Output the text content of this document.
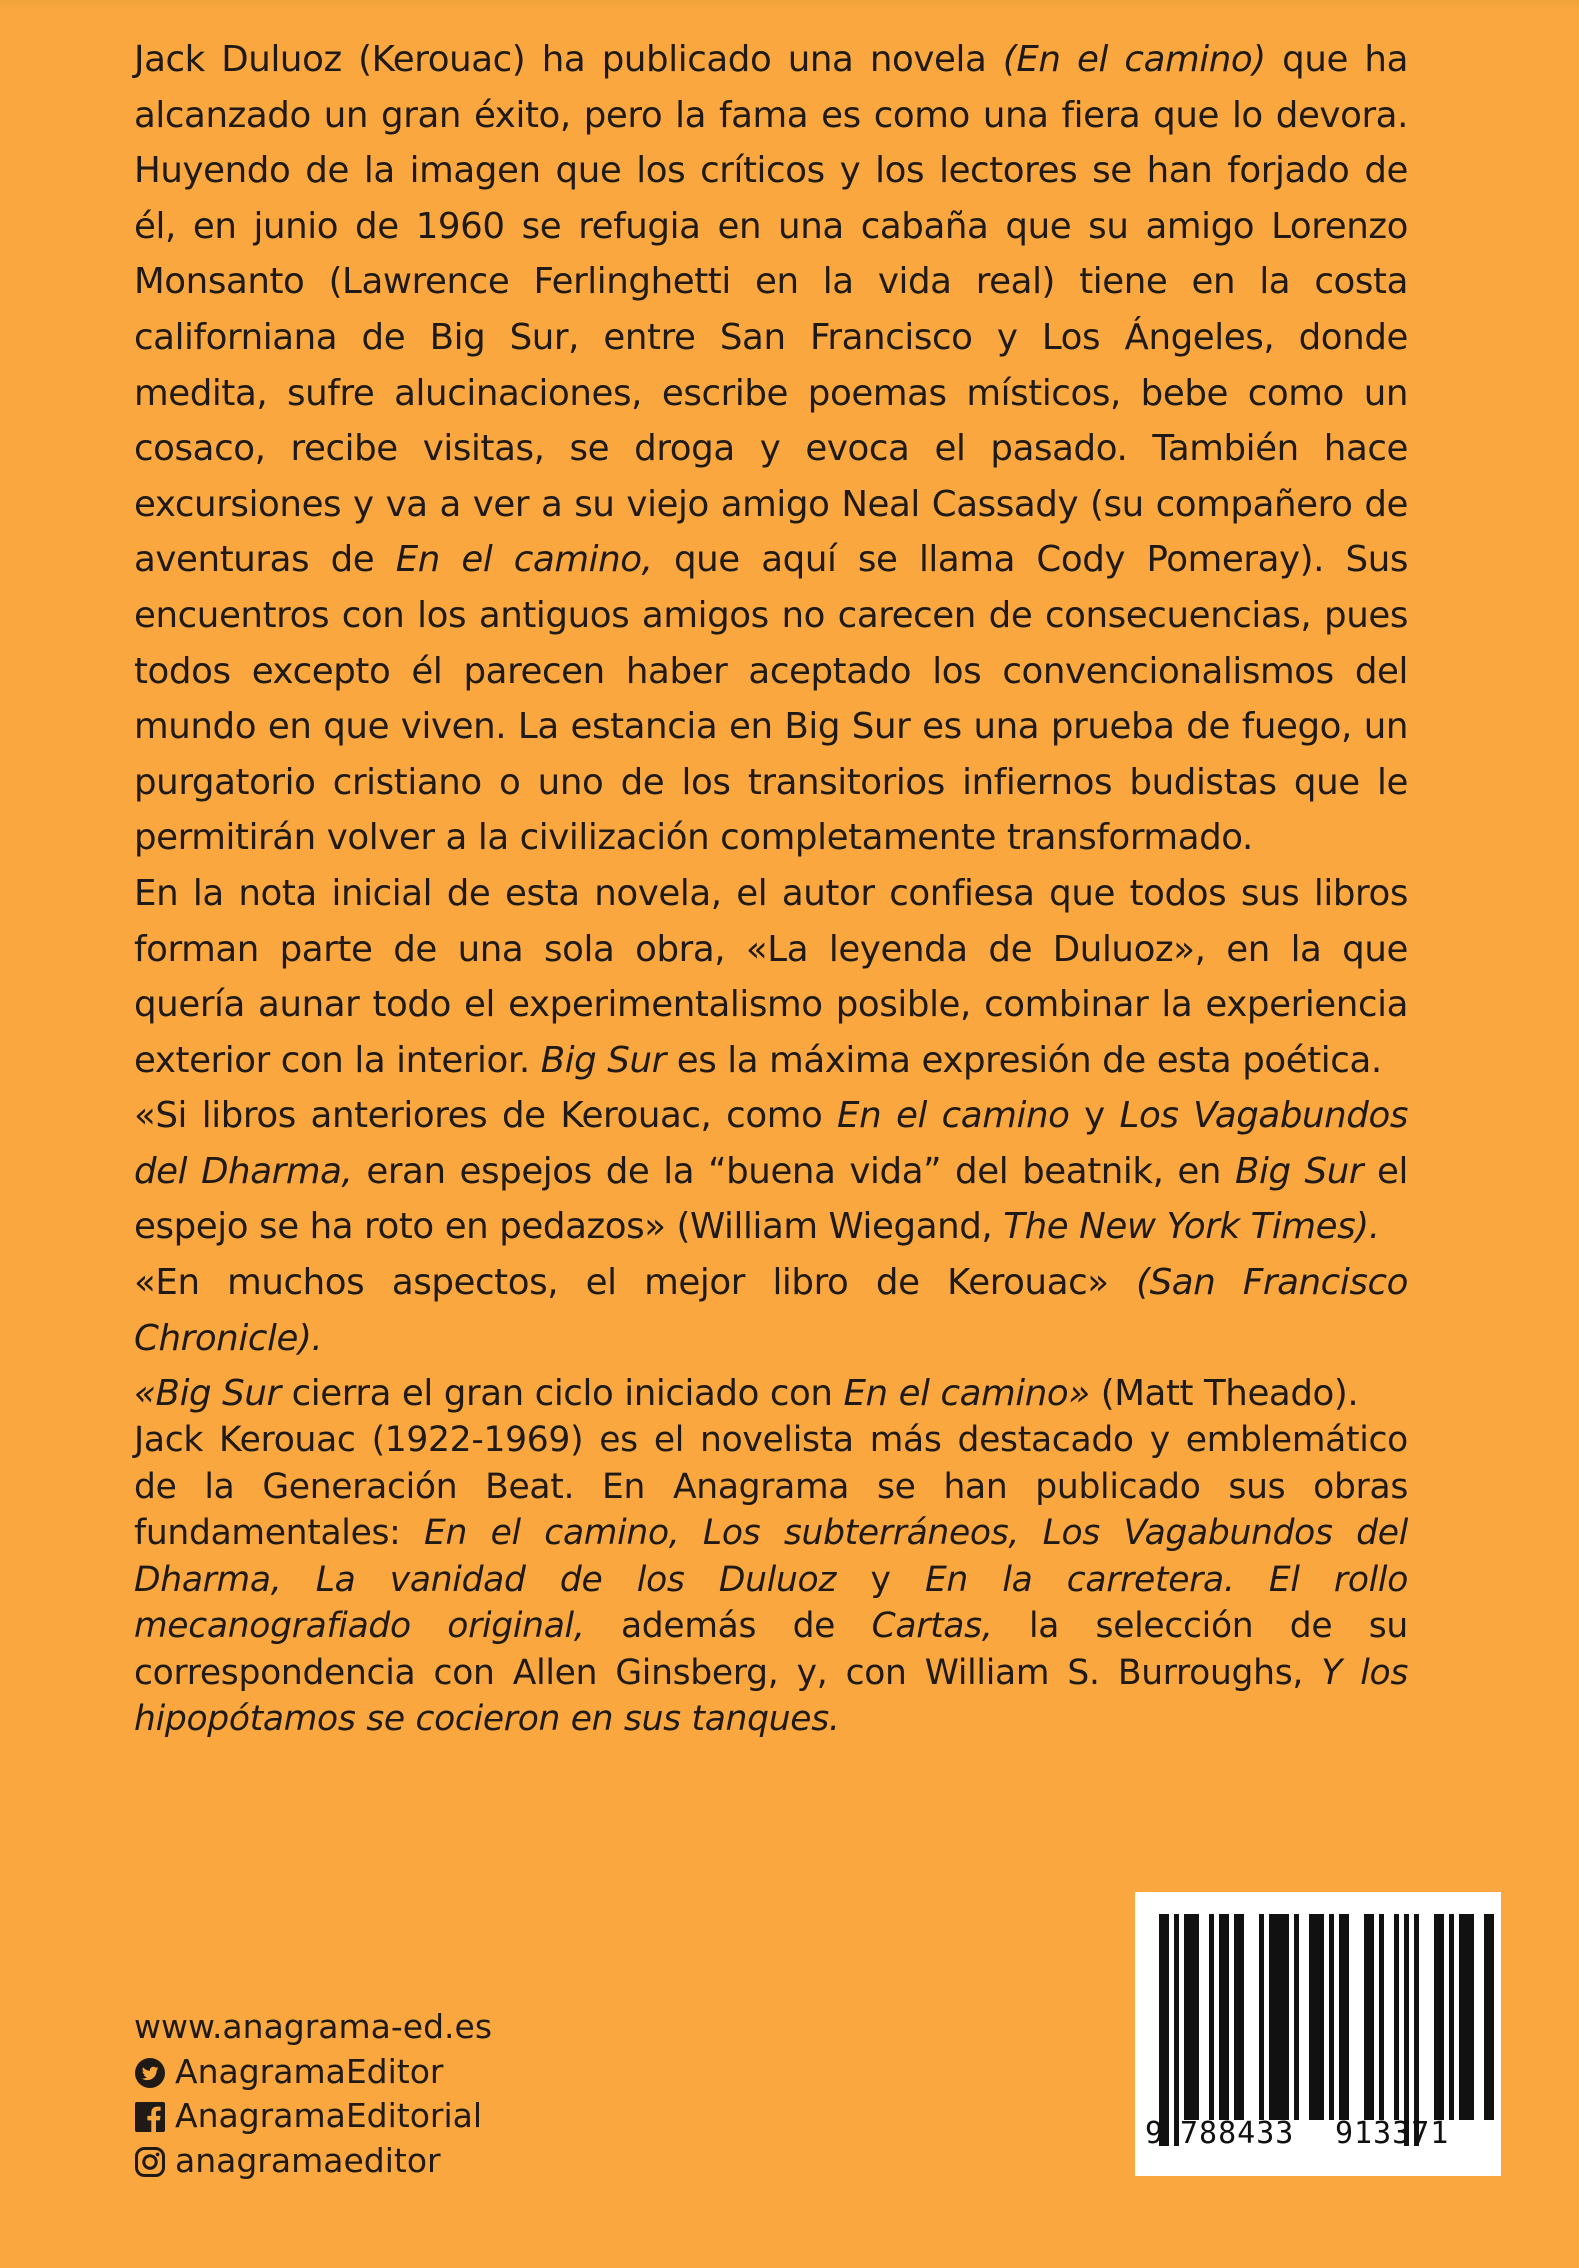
Jack Duluoz (Kerouac) ha publicado una novela (En el camino) que ha alcanzado un gran éxito, pero la fama es como una fiera que lo devora. Huyendo de la imagen que los críticos y los lectores se han forjado de él, en junio de 1960 se refugia en una cabaña que su amigo Lorenzo Monsanto (Lawrence Ferlinghetti en la vida real) tiene en la costa californiana de Big Sur, entre San Francisco y Los Ángeles, donde medita, sufre alucinaciones, escribe poemas místicos, bebe como un cosaco, recibe visitas, se droga y evoca el pasado. También hace excursiones y va a ver a su viejo amigo Neal Cassady (su compañero de aventuras de En el camino, que aquí se llama Cody Pomeray). Sus encuentros con los antiguos amigos no carecen de consecuencias, pues todos excepto él parecen haber aceptado los convencionalismos del mundo en que viven. La estancia en Big Sur es una prueba de fuego, un purgatorio cristiano o uno de los transitorios infiernos budistas que le permitirán volver a la civilización completamente transformado.

En la nota inicial de esta novela, el autor confiesa que todos sus libros forman parte de una sola obra, «La leyenda de Duluoz», en la que quería aunar todo el experimentalismo posible, combinar la experiencia exterior con la interior. Big Sur es la máxima expresión de esta poética.

«Si libros anteriores de Kerouac, como En el camino y Los Vagabundos del Dharma, eran espejos de la “buena vida” del beatnik, en Big Sur el espejo se ha roto en pedazos» (William Wiegand, The New York Times).

«En muchos aspectos, el mejor libro de Kerouac» (San Francisco Chronicle).

«Big Sur cierra el gran ciclo iniciado con En el camino» (Matt Theado).

Jack Kerouac (1922-1969) es el novelista más destacado y emblemático de la Generación Beat. En Anagrama se han publicado sus obras fundamentales: En el camino, Los subterráneos, Los Vagabundos del Dharma, La vanidad de los Duluoz y En la carretera. El rollo mecanografiado original, además de Cartas, la selección de su correspondencia con Allen Ginsberg, y, con William S. Burroughs, Y los hipopótamos se cocieron en sus tanques.

www.anagrama-ed.es
AnagramaEditor
AnagramaEditorial
anagramaeditor
9 788433 913371
